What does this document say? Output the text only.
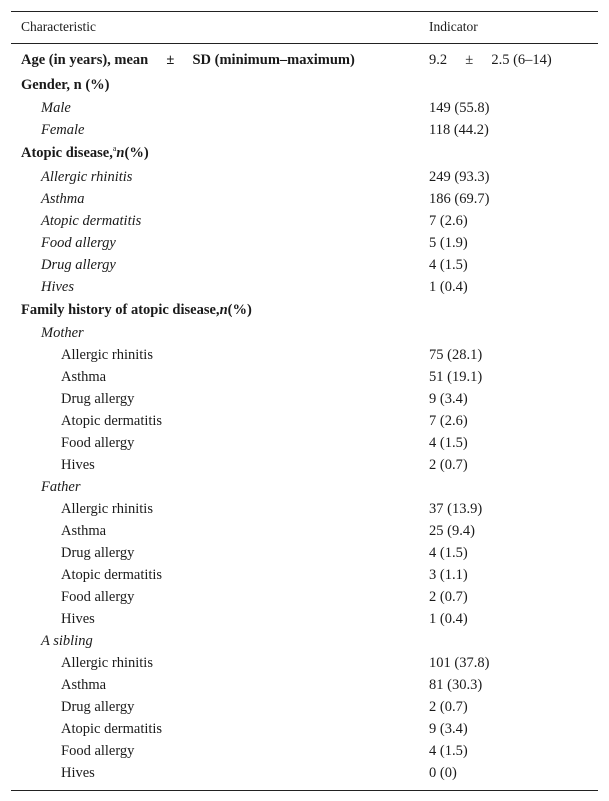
Characteristic	Indicator
Age (in years), mean ± SD (minimum–maximum)	9.2 ± 2.5 (6–14)
Gender, n (%)
Male	149 (55.8)
Female	118 (44.2)
Atopic disease,$^a$n(%)
Allergic rhinitis	249 (93.3)
Asthma	186 (69.7)
Atopic dermatitis	7 (2.6)
Food allergy	5 (1.9)
Drug allergy	4 (1.5)
Hives	1 (0.4)
Family history of atopic disease,n(%)
Mother
Allergic rhinitis	75 (28.1)
Asthma	51 (19.1)
Drug allergy	9 (3.4)
Atopic dermatitis	7 (2.6)
Food allergy	4 (1.5)
Hives	2 (0.7)
Father
Allergic rhinitis	37 (13.9)
Asthma	25 (9.4)
Drug allergy	4 (1.5)
Atopic dermatitis	3 (1.1)
Food allergy	2 (0.7)
Hives	1 (0.4)
A sibling
Allergic rhinitis	101 (37.8)
Asthma	81 (30.3)
Drug allergy	2 (0.7)
Atopic dermatitis	9 (3.4)
Food allergy	4 (1.5)
Hives	0 (0)
